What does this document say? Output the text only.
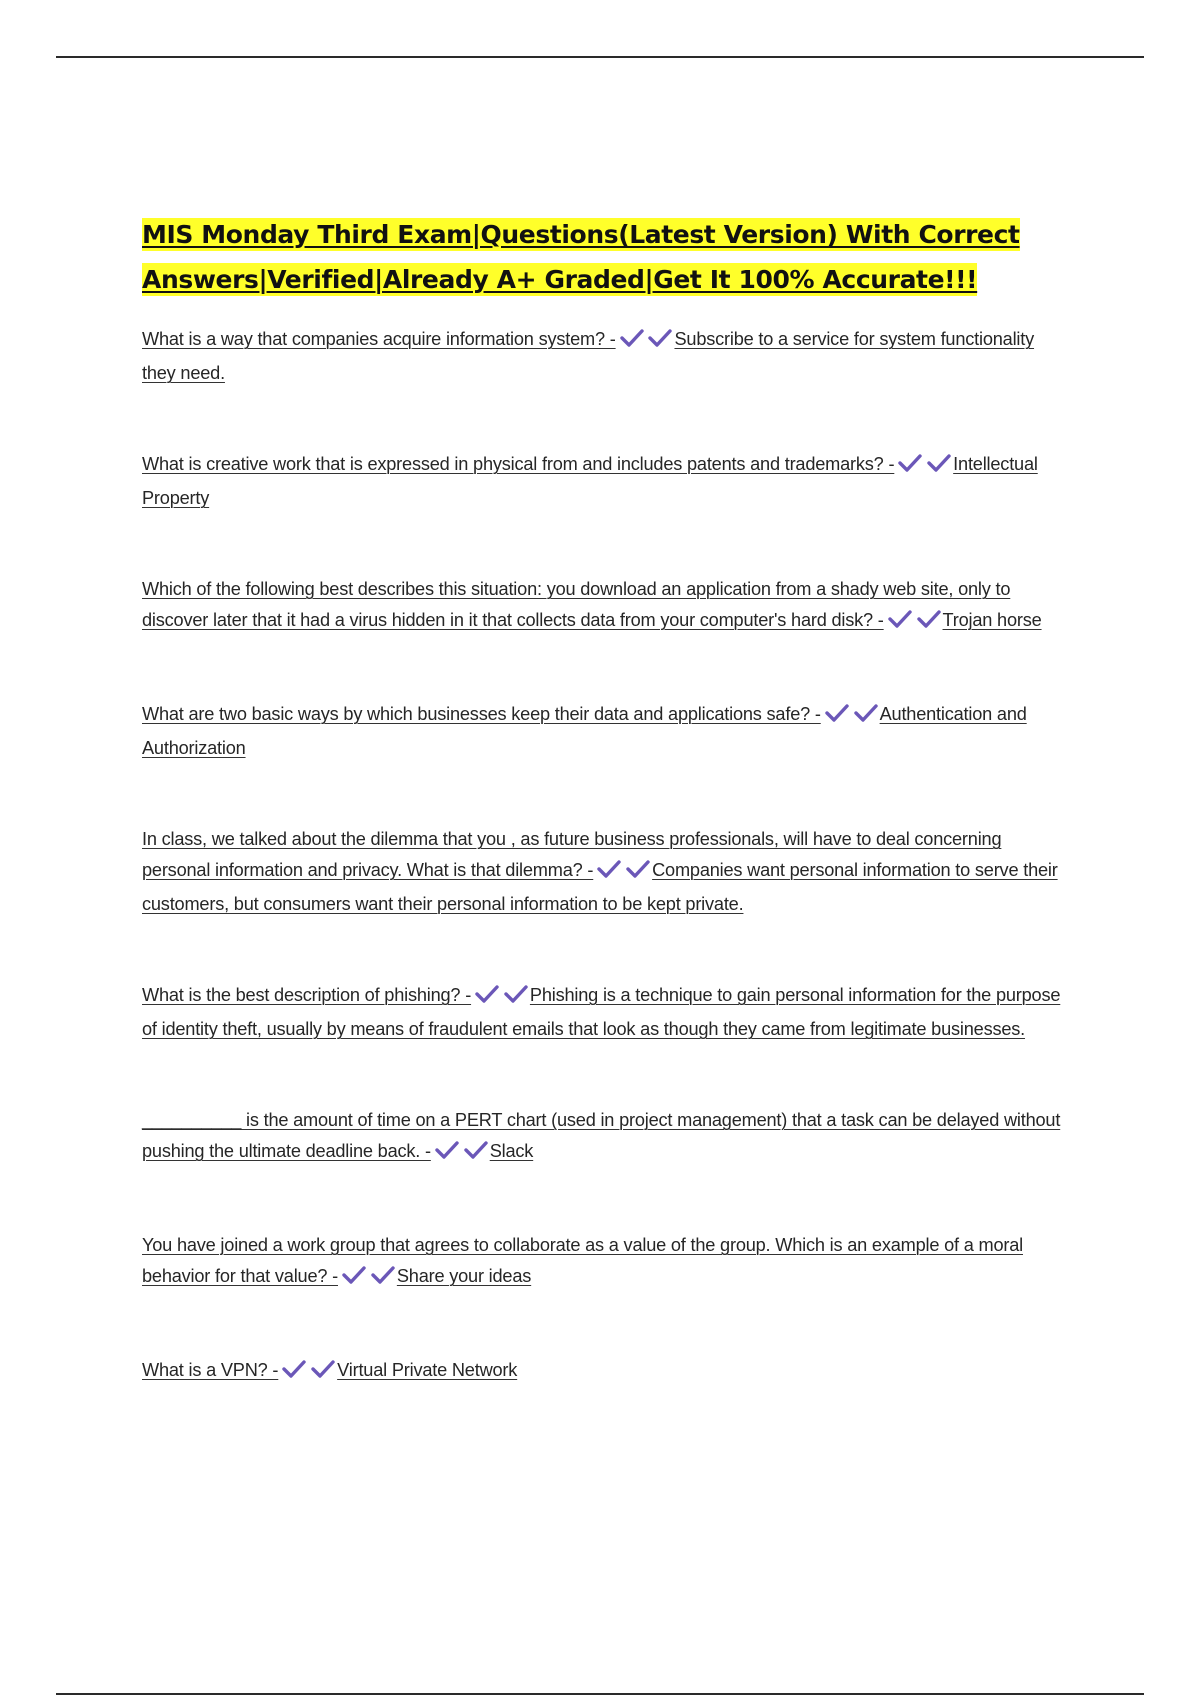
MIS Monday Third Exam|Questions(Latest Version) With Correct Answers|Verified|Already A+ Graded|Get It 100% Accurate!!!

What is a way that companies acquire information system? -	Subscribe to a service for system functionality they need.

What is creative work that is expressed in physical from and includes patents and trademarks? -	Intellectual Property

Which of the following best describes this situation: you download an application from a shady web site, only to discover later that it had a virus hidden in it that collects data from your computer's hard disk? -	Trojan horse

What are two basic ways by which businesses keep their data and applications safe? -	Authentication and Authorization

In class, we talked about the dilemma that you , as future business professionals, will have to deal concerning personal information and privacy. What is that dilemma? -	Companies want personal information to serve their customers, but consumers want their personal information to be kept private.

What is the best description of phishing? -	Phishing is a technique to gain personal information for the purpose of identity theft, usually by means of fraudulent emails that look as though they came from legitimate businesses.

__________ is the amount of time on a PERT chart (used in project management) that a task can be delayed without pushing the ultimate deadline back. -	Slack

You have joined a work group that agrees to collaborate as a value of the group. Which is an example of a moral behavior for that value? -	Share your ideas

What is a VPN? -	Virtual Private Network
